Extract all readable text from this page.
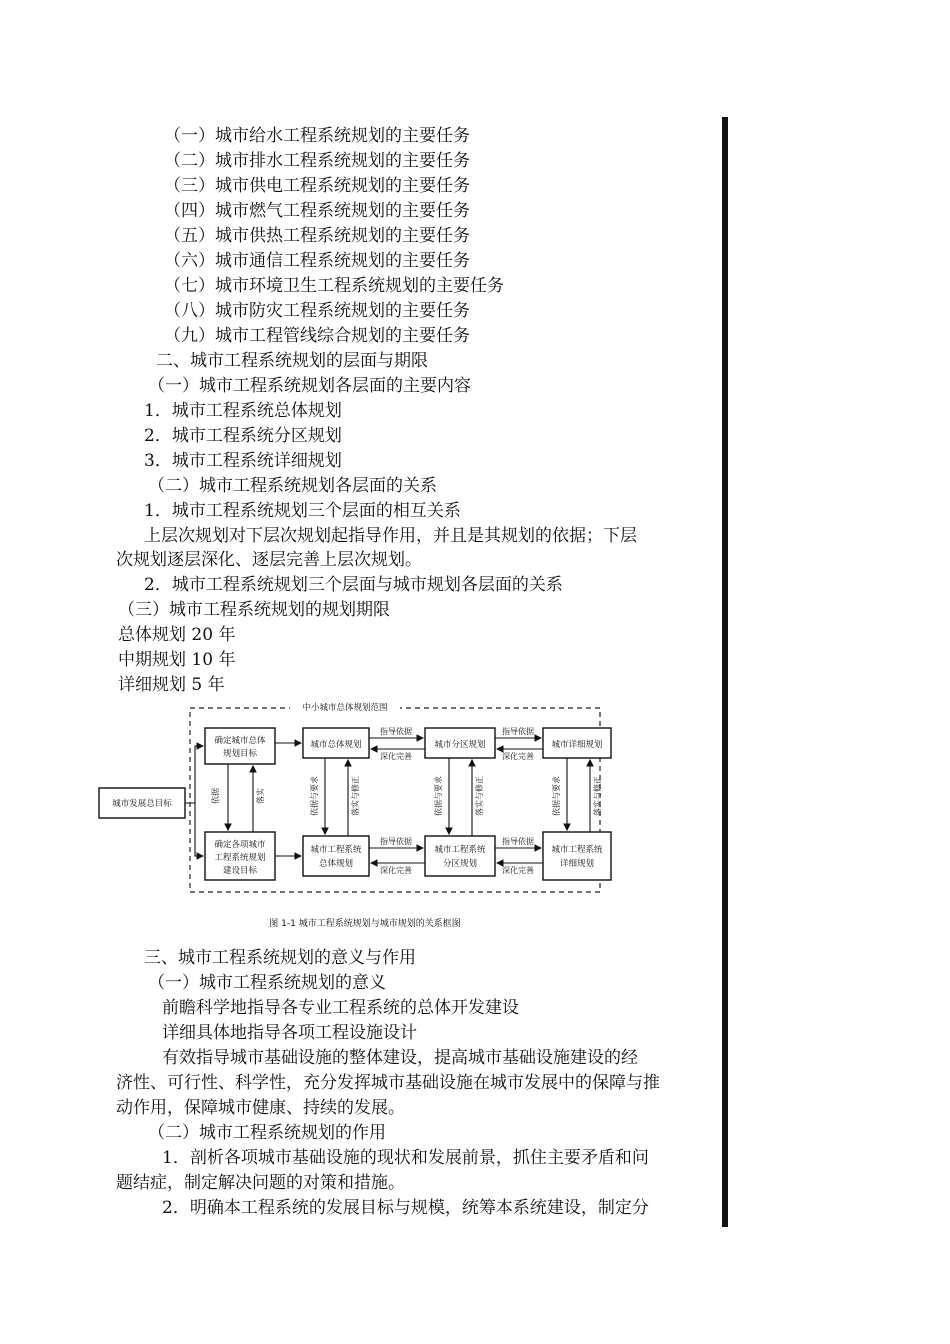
（一）城市给水工程系统规划的主要任务
（二）城市排水工程系统规划的主要任务
（三）城市供电工程系统规划的主要任务
（四）城市燃气工程系统规划的主要任务
（五）城市供热工程系统规划的主要任务
（六）城市通信工程系统规划的主要任务
（七）城市环境卫生工程系统规划的主要任务
（八）城市防灾工程系统规划的主要任务
（九）城市工程管线综合规划的主要任务
二、城市工程系统规划的层面与期限
（一）城市工程系统规划各层面的主要内容
1．城市工程系统总体规划
2．城市工程系统分区规划
3．城市工程系统详细规划
（二）城市工程系统规划各层面的关系
1．城市工程系统规划三个层面的相互关系
上层次规划对下层次规划起指导作用，并且是其规划的依据；下层
次规划逐层深化、逐层完善上层次规划。
2．城市工程系统规划三个层面与城市规划各层面的关系
（三）城市工程系统规划的规划期限
总体规划 20 年
中期规划 10 年
详细规划 5 年
中小城市总体规划范围
城市发展总目标
确定城市总体
规划目标
确定各项城市
工程系统规划
建设目标
城市总体规划	城市分区规划	城市详细规划
城市工程系统
总体规划
城市工程系统
分区规划
城市工程系统
详细规划
指导依据
深化完善
指导依据
深化完善
指导依据
深化完善
指导依据
深化完善
依据	落实	依据与要求	落实与修正	依据与要求	落实与修正	依据与要求	落实与修正
图 1-1 城市工程系统规划与城市规划的关系框图
三、城市工程系统规划的意义与作用
（一）城市工程系统规划的意义
前瞻科学地指导各专业工程系统的总体开发建设
详细具体地指导各项工程设施设计
有效指导城市基础设施的整体建设，提高城市基础设施建设的经
济性、可行性、科学性，充分发挥城市基础设施在城市发展中的保障与推
动作用，保障城市健康、持续的发展。
（二）城市工程系统规划的作用
1．剖析各项城市基础设施的现状和发展前景，抓住主要矛盾和问
题结症，制定解决问题的对策和措施。
2．明确本工程系统的发展目标与规模，统筹本系统建设，制定分
